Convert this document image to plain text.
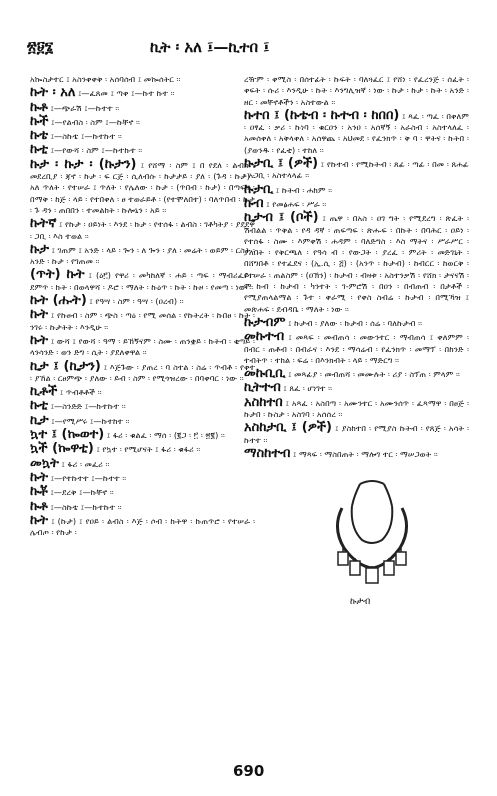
፳፱፮	ኪት ፡ አለ ፤—ኪተበ ፤

አኰስታተር ፤ አስንቀቀቅ ፡ አሰባሰብ ፤ መኰሰትር ፡፡

ኩት ፡ አለ ፤—ፈጸመ ፤ ጣቀ ፤—ኩተ ኩተ ፡፡

ኩቶ ፤—ጭራሽ ፤—ኩተተ ፡፡

ኩች ፤—የልብስ ፡ ስም ፤—ኩቸኖ ፡፡

ኩቴ ፤—ስኩቴ ፤—ኩተኩተ ፡፡

ኩቲ ፤—የውሻ ፡ ስም ፤—ኩተኩተ ፡፡

ኩታ ፡ ኩታ ፡ (ኩታን) ፤ የሸማ ፡ ስም ፤ በ የደለ ፡ ልብስ ፡ መደረቢያ ፡ ጃኖ ፡ ኩታ ፡ ፍ ርጅ ፡ ሲለብሱ ፡ ኩታታይ ፡ ያለ ፡ (ጉዳ ፡ ኩታ) ፡ አለ ጥለት ፡ የተሠራ ፤ ጥለት ፡ የሌለው ፡ ኩታ ፡ (ጥበብ ፡ ኩታ) ፡ በጣፍና ፡ በማቅ ፡ ከጅ ፡ ላይ ፡ የተበቀለ ፡ ፀ ተወራይቶ ፡ (የተሞለበተ) ፡ ባለጥበብ ፡ ኩታ ፡ ጉ ዳን ፡ ጠበበን ፡ ተመልከት ፡ ኩሎኒን ፡ አይ ፡፡

ኩትኛ ፤ የኩታ ፡ ዐይነት ፡ እንደ ፡ ኩታ ፡ የተሰፋ ፡ ልብስ ፡ ገቶካትያ ፡ ያደደዋ ፡ ጋቢ ፡ እስ ተወል ፡፡

ኩታ ፤ ገጠም ፤ አንድ ፡ ላይ ፡ ጐን ፡ ለ ጐን ፡ ያለ ፡ መሬት ፡ ወይም ፡ ርስት ፡ አንድ ፡ ኩታ ፡ የገጠመ ፡፡

(ጥት) ኩት ፤ (ዕ፫) የዋሪ ፡ መካከለኛ ፡ ሐይ ፡ ጣፍ ፡ ማብሪፈይ ፡ ደምጥ ፡ ኩት ፡ በወላዋሻ ፡ ዶሮ ፡ ማለት ፡ ኩዕጥ ፡ ኩት ፡ ኩዞ ፡ የመጣ ፡ ነው ፡፡

ኩት (ሑት) ፤ የዓሣ ፡ ስም ፡ ዓሣ ፡ (ዐረብ) ፡፡

ኩት ፤ የኩፀብ ፡ ስም ፡ ጭስ ፡ ጣዕ ፡ የሚ መሰል ፡ የኩትረት ፡ ኩበፀ ፡ ኩት ፡ ንገሩ ፡ ኩታትት ፡ እንዲሁ ፡፡

ኩት ፤ ውሻ ፤ የውሻ ፡ ዓማ ፡ ይኸኝናም ፡ ስሙ ፡ ጠንቋይ ፡ ኩትብ ፡ ቂጣይ ፡ ላንሳንድ ፡ ወን ድግ ፡ ሲት ፡ ያደለቀዋል ፡፡

ኪታ ፤ (ኪታን) ፤ እጅጉው ፡ ያጠረ ፡ ባ ስተል ፡ ስሬ ፡ ጥብቶ ፡ የቀተ ፡ ያኸል ፡ ርፀምጭ ፡ ያለው ፡ ይብ ፡ ስም ፡ የሚጎዝረው ፡ በባቀባር ፡ ነው ፡፡

ኪቶች ፤ ጥብቶቶች ፡፡

ኩቲ ፤—ስንድድ ፤—ኩተኩተ ፡፡

ኪታ ፤—የሚሥሩ ፤—ኩተከተ ፡፡

ኳተ ፤ (ኰወተ) ፤ ፋሪ ፡ ቁልፈ ፡ ማሰ ፡ (፪ጋ ፡ ፫ ፡ ፳፪) ፡፡

ኳች (ኰዋቲ) ፤ የኳተ ፡ የሚሆናት ፤ ፋሪ ፡ ቁፋሪ ፡፡

መኳት ፤ ፋሪ ፡ መፈሪ ፡፡

ኩት ፤—የተኩተተ ፤—ኩተተ ፡፡

ኩቾ ፤—ደረቅ ፤—ኩቸኖ ፡፡

ኩቶ ፤—ስኩቴ ፤—ኩተኩተ ፡፡

ኩት ፤ (ኩታ) ፤ የዐይ ፡ ልብስ ፡ እጅ ፡ ሶብ ፡ ኩትዋ ፡ ኩጠጥሮ ፡ የተሠራ ፡ ሌብጦ ፡ የኩታ ፡

ረዥም ፡ ቀሚስ ፡ በሰተፊት ፡ ኩፍት ፡ ባለጓፈር ፤ የሸነ ፡ የፈረንጅ ፡ ሰፈት ፡ ቀፍት ፡ ሱሪ ፡ እንዲሁ ፡ ኩት ፡ እንግሊዝኛ ፡ ነው ፡ ኩታ ፡ ኩታ ፡ ኩት ፡ አንድ ፡ ዘር ፡ መቸኖቶችን ፡ አስተውል ፡፡

ኩተበ ፤ (ኩቴብ ፡ ኩተብ ፡ ከበበ) ፤ ጻፈ ፡ ጣፈ ፡ በቀለም ፡ ዐፃፈ ፡ ቃሪ ፡ ኩነባ ፡ ቁርዐን ፡ አንዐ ፡ አሰኛኝ ፡ አራስብ ፡ አስተላለፈ ፡ አመሰቀለ ፡ አቅላቀለ ፡ አሰዋጨ ፡ አህመደ ፡ የፈንክጥ ፡ ቅ ባ ፡ ዋትና ፡ ኩትበ ፡ (ያወንዱ ፡ የፈቲ) ፡ ተከለ ፡፡

ኩታቢ ፤ (ዎች) ፤ የኩተብ ፡ የሚኩትብ ፡ ጸፊ ፡ ጣፊ ፡ በመ ፡ ጸሐፊ ፡ አጋቢ ፡ አስተላላፊ ፡፡

ኩታቢ ፤ ኩትብ ፡ ሐከም ፡፡

ኩብ ፤ የመፅሐፍ ፡ ሥራ ፡፡

ኪታብ ፤ (ቦች) ፤ ጤዋ ፡ በአስ ፡ ዐገ ግት ፡ የሚደረግ ፡ ጽፈት ፡ ሽብልል ፡ ጥቅል ፡ የዳ ዳኛ ፡ ጠፍጣፍ ፡ ጽሑፍ ፡ በኩት ፡ በባሕር ፡ ዐይነ ፡ የተሰፋ ፡ ስሙ ፡ እምቀሽ ፡ ሐዳም ፡ ባለድግስ ፡ እስ ማትና ፡ ሥራሥር ፡ ያለበት ፡ የቅርጫለ ፡ የዓሳ ብ ፡ የውጋት ፡ ያረፈ ፡ ምሪት ፡ መድገኒት ፡ በሸግበቶ ፡ የተፈደና ፡ (ኢ.ሲ ፡ ፭) ፡ (አንጥ ፡ ኩታብ) ፡ ከብርር ፡ ከወርቅ ፡ የተሠራ ፡ ጠልስም ፡ (ዐኽን) ፡ ኩታብ ፡ ብዛቱ ፡ አስተንቃሽ ፡ የሸክ ፡ ታናናሽ ፡ ሞ ኩብ ፡ ኩታብ ፡ ካንተት ፡ ገ-ምሮሽ ፡ በዐን ፡ በብጠብ ፡ በታቶች ፡ የሚያጠላልማል ፡ ጉተ ፡ ቀራሚ ፡ የቀስ ስብሬ ፡ ኩታብ ፡ በሚኻዝ ፤ መጽሐፍ ፡ ደብዳቤ ፡ ማለት ፡ ነው ፡፡

ኩታብም ፤ ኩታብ ፡ ያለው ፡ ኩታብ ፡ ሰሬ ፡ ባለኩታብ ፡፡

መኩተብ ፤ መጻፍ ፡ መብጠሳ ፡ መውንተር ፡ ማብጠሳ ፤ ቀለምም ፡ በብር ፡ ጠቶብ ፡ በብራና ፡ እንደ ፡ ማሳሬብ ፡ የፈንክጥ ፡ መማፕ ፡ በከንድ ፡ ተብትጥ ፡ ተከል ፡ ፍሬ ፡ በእንክብት ፡ ላይ ፡ ማድርግ ፡፡

መኩቢቢ ፤ መጻፊያ ፡ መብጠሻ ፡ መሙሉት ፡ ሪያ ፡ ስፕጠ ፡ ምላም ፡፡

ኪትተብ ፤ ጸፈ ፡ ሆነገተ ፡፡

አስከተበ ፤ አጻፈ ፡ አስበጣ ፡ አሙንተር ፡ አሙንሰጥ ፡ ፈጻማዋ ፡ በፀጅ ፡ ኩታበ ፡ ኩስታ ፡ አስገባ ፡ አሰሰረ ፡፡

አስከታቢ ፤ (ዎች) ፤ ያስከተበ ፡ የሚያስ ኩትብ ፡ የጸጅ ፡ አሳት ፡ ኩተተ ፡፡

ማስከተብ ፤ ማጻፍ ፡ ማስበጠት ፡ ማሎገ ተር ፡ ማሠጋወት ፡፡

ኩታብ
690
